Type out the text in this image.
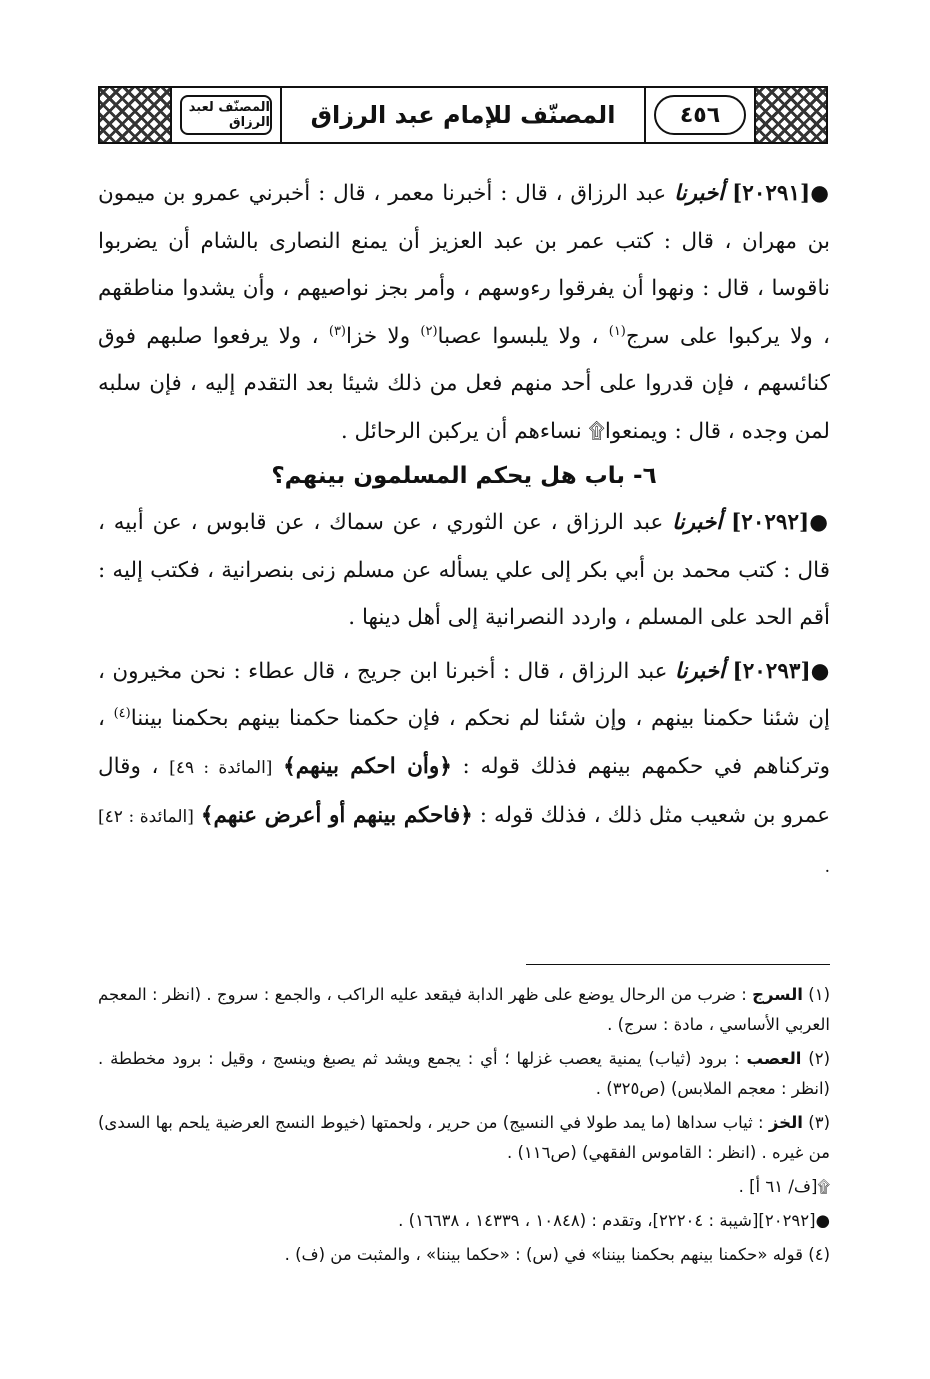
المصنّف لعبد الرزاق	المصنّف للإمام عبد الرزاق	٤٥٦

●[٢٠٢٩١] أخبرنا عبد الرزاق ، قال : أخبرنا معمر ، قال : أخبرني عمرو بن ميمون بن مهران ، قال : كتب عمر بن عبد العزيز أن يمنع النصارى بالشام أن يضربوا ناقوسا ، قال : ونهوا أن يفرقوا رءوسهم ، وأمر بجز نواصيهم ، وأن يشدوا مناطقهم ، ولا يركبوا على سرج$^{(١)}$ ، ولا يلبسوا عصبا$^{(٢)}$ ولا خزا$^{(٣)}$ ، ولا يرفعوا صلبهم فوق كنائسهم ، فإن قدروا على أحد منهم فعل من ذلك شيئا بعد التقدم إليه ، فإن سلبه لمن وجده ، قال : ويمنعوا۩ نساءهم أن يركبن الرحائل .

٦- باب هل يحكم المسلمون بينهم؟

●[٢٠٢٩٢] أخبرنا عبد الرزاق ، عن الثوري ، عن سماك ، عن قابوس ، عن أبيه ، قال : كتب محمد بن أبي بكر إلى علي يسأله عن مسلم زنى بنصرانية ، فكتب إليه : أقم الحد على المسلم ، واردد النصرانية إلى أهل دينها .

●[٢٠٢٩٣] أخبرنا عبد الرزاق ، قال : أخبرنا ابن جريج ، قال عطاء : نحن مخيرون ، إن شئنا حكمنا بينهم ، وإن شئنا لم نحكم ، فإن حكمنا حكمنا بينهم بحكمنا بيننا$^{(٤)}$ ، وتركناهم في حكمهم بينهم فذلك قوله : ﴿وأن احكم بينهم﴾ [المائدة : ٤٩] ، وقال عمرو بن شعيب مثل ذلك ، فذلك قوله : ﴿فاحكم بينهم أو أعرض عنهم﴾ [المائدة : ٤٢] .

(١) السرج : ضرب من الرحال يوضع على ظهر الدابة فيقعد عليه الراكب ، والجمع : سروج . (انظر : المعجم العربي الأساسي ، مادة : سرج) .

(٢) العصب : برود (ثياب) يمنية يعصب غزلها ؛ أي : يجمع ويشد ثم يصبغ وينسج ، وقيل : برود مخططة . (انظر : معجم الملابس) (ص٣٢٥) .

(٣) الخز : ثياب سداها (ما يمد طولا في النسيج) من حرير ، ولحمتها (خيوط النسج العرضية يلحم بها السدى) من غيره . (انظر : القاموس الفقهي) (ص١١٦) .

۩[ف/ ٦١ أ] .

●[٢٠٢٩٢][شيبة : ٢٢٢٠٤]، وتقدم : (١٠٨٤٨ ، ١٤٣٣٩ ، ١٦٦٣٨) .

(٤) قوله «حكمنا بينهم بحكمنا بيننا» في (س) : «حكما بيننا» ، والمثبت من (ف) .
